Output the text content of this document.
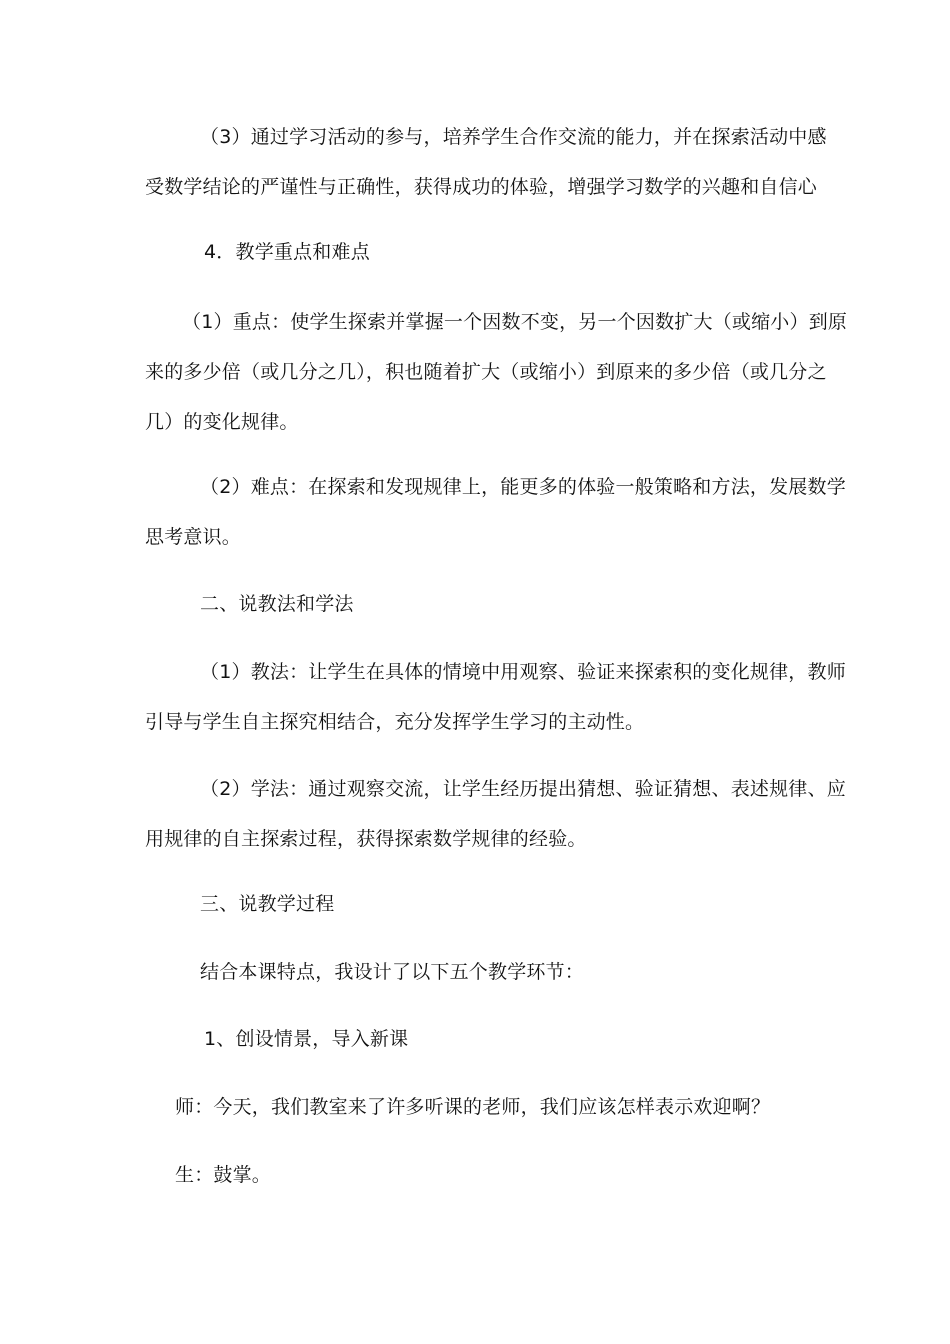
（3）通过学习活动的参与，培养学生合作交流的能力，并在探索活动中感
受数学结论的严谨性与正确性，获得成功的体验，增强学习数学的兴趣和自信心
4．教学重点和难点
（1）重点：使学生探索并掌握一个因数不变，另一个因数扩大（或缩小）到原
来的多少倍（或几分之几），积也随着扩大（或缩小）到原来的多少倍（或几分之
几）的变化规律。
（2）难点：在探索和发现规律上，能更多的体验一般策略和方法，发展数学
思考意识。
二、说教法和学法
（1）教法：让学生在具体的情境中用观察、验证来探索积的变化规律，教师
引导与学生自主探究相结合，充分发挥学生学习的主动性。
（2）学法：通过观察交流，让学生经历提出猜想、验证猜想、表述规律、应
用规律的自主探索过程，获得探索数学规律的经验。
三、说教学过程
结合本课特点，我设计了以下五个教学环节：
1、创设情景，导入新课
师：今天，我们教室来了许多听课的老师，我们应该怎样表示欢迎啊？
生：鼓掌。
